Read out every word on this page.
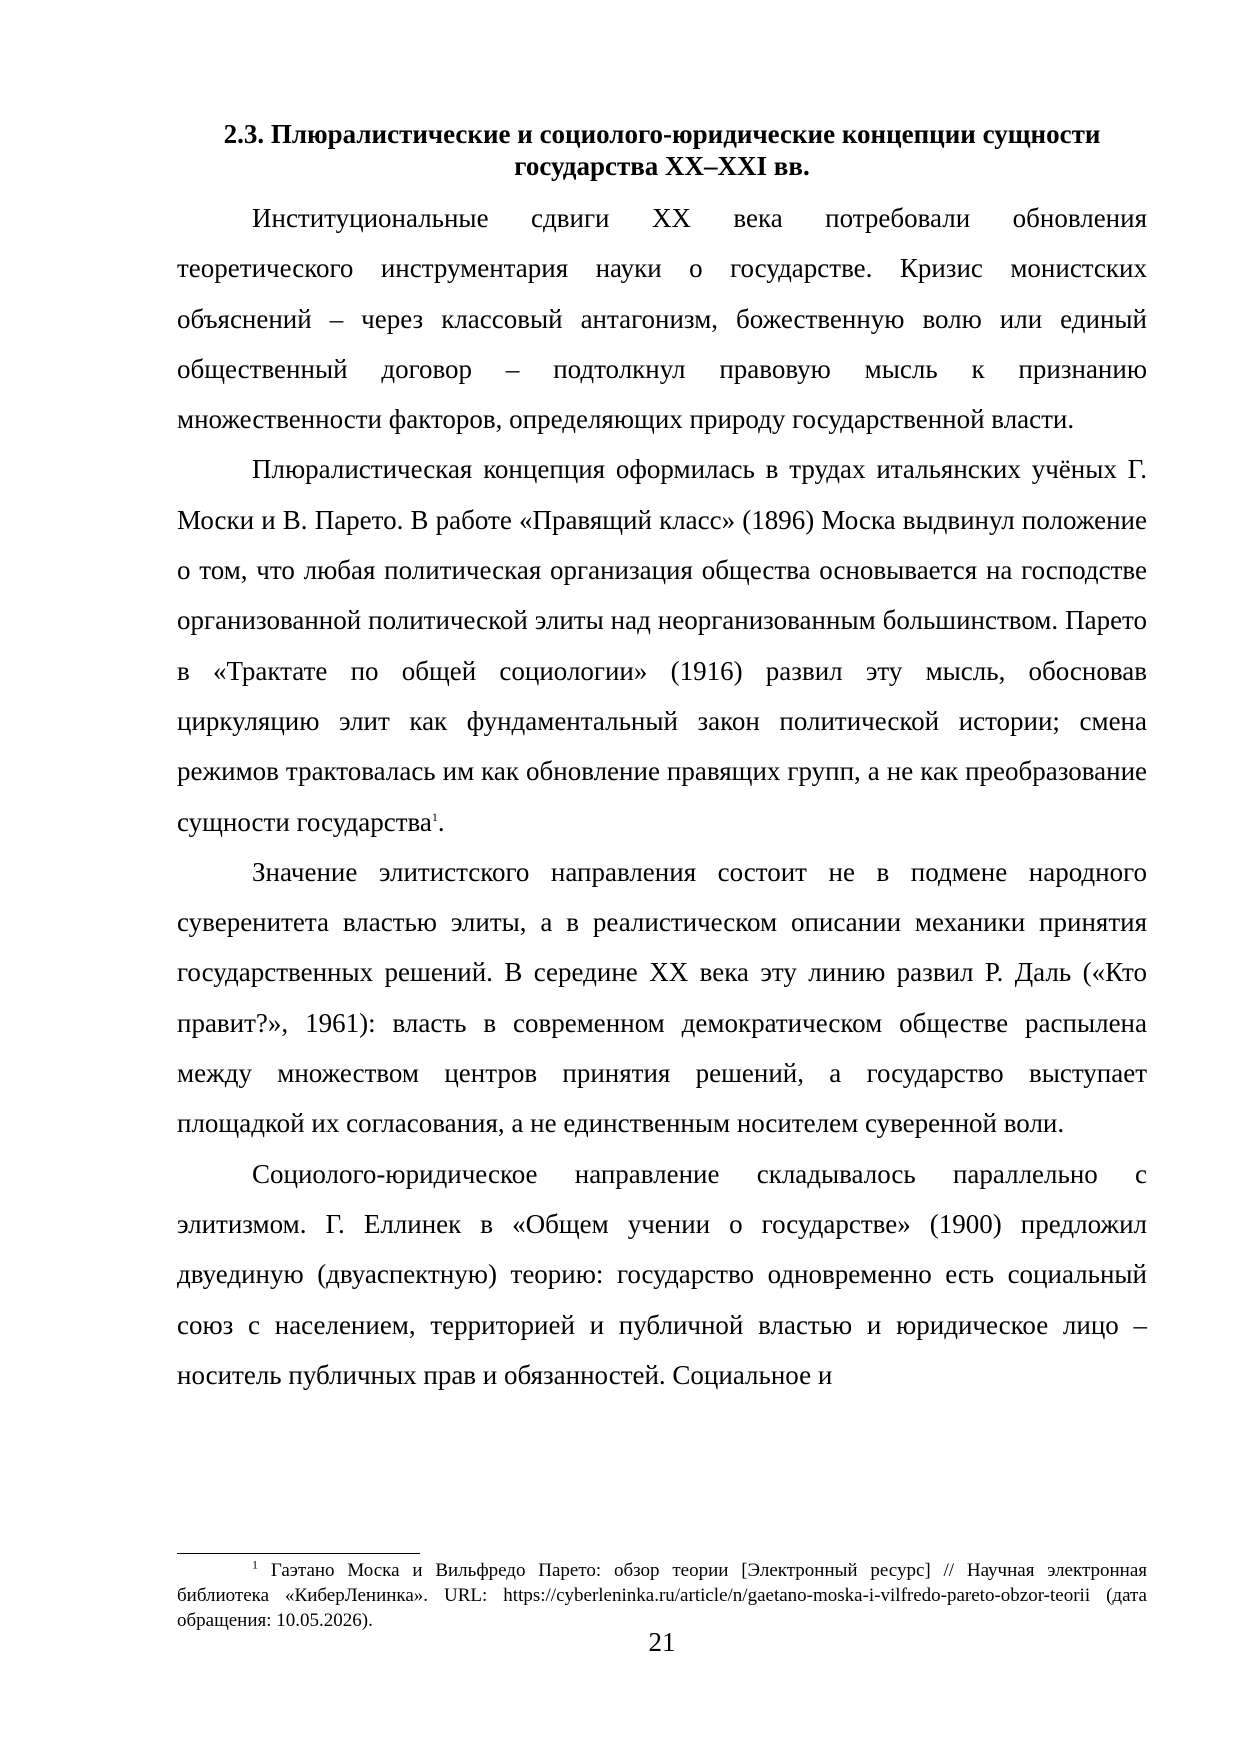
2.3. Плюралистические и социолого-юридические концепции сущности государства XX–XXI вв.

Институциональные сдвиги XX века потребовали обновления теоретического инструментария науки о государстве. Кризис монистских объяснений – через классовый антагонизм, божественную волю или единый общественный договор – подтолкнул правовую мысль к признанию множественности факторов, определяющих природу государственной власти.

Плюралистическая концепция оформилась в трудах итальянских учёных Г. Моски и В. Парето. В работе «Правящий класс» (1896) Моска выдвинул положение о том, что любая политическая организация общества основывается на господстве организованной политической элиты над неорганизованным большинством. Парето в «Трактате по общей социологии» (1916) развил эту мысль, обосновав циркуляцию элит как фундаментальный закон политической истории; смена режимов трактовалась им как обновление правящих групп, а не как преобразование сущности государства$^1$.

Значение элитистского направления состоит не в подмене народного суверенитета властью элиты, а в реалистическом описании механики принятия государственных решений. В середине XX века эту линию развил Р. Даль («Кто правит?», 1961): власть в современном демократическом обществе распылена между множеством центров принятия решений, а государство выступает площадкой их согласования, а не единственным носителем суверенной воли.

Социолого-юридическое направление складывалось параллельно с элитизмом. Г. Еллинек в «Общем учении о государстве» (1900) предложил двуединую (двуаспектную) теорию: государство одновременно есть социальный союз с населением, территорией и публичной властью и юридическое лицо – носитель публичных прав и обязанностей. Социальное и

$^1$ Гаэтано Моска и Вильфредо Парето: обзор теории [Электронный ресурс] // Научная электронная библиотека «КиберЛенинка». URL: https://cyberleninka.ru/article/n/gaetano-moska-i-vilfredo-pareto-obzor-teorii (дата обращения: 10.05.2026).

21
